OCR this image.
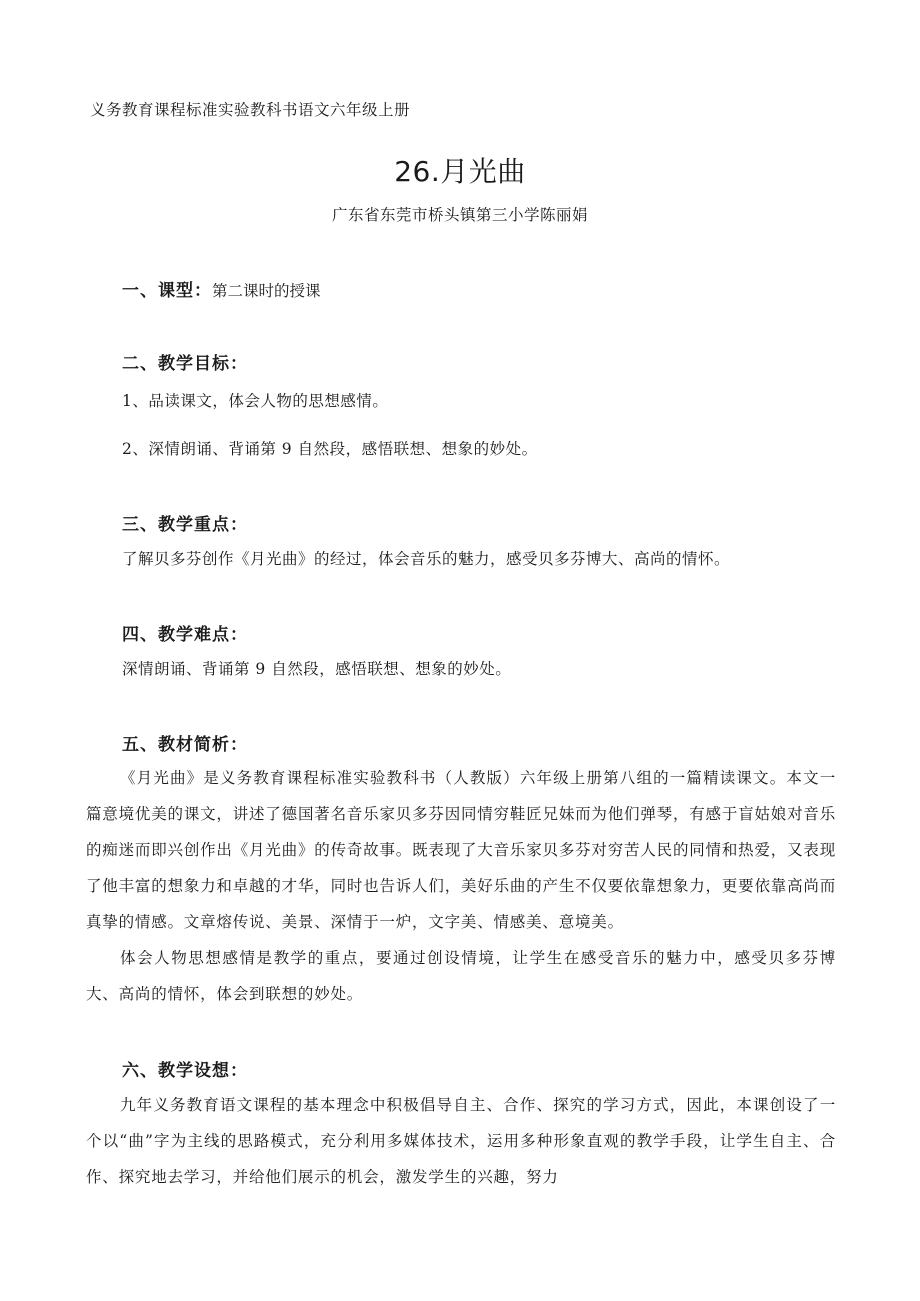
义务教育课程标准实验教科书语文六年级上册
26.月光曲
广东省东莞市桥头镇第三小学陈丽娟
一、课型：第二课时的授课
二、教学目标：
1、品读课文，体会人物的思想感情。
2、深情朗诵、背诵第 9 自然段，感悟联想、想象的妙处。
三、教学重点：
了解贝多芬创作《月光曲》的经过，体会音乐的魅力，感受贝多芬博大、高尚的情怀。
四、教学难点：
深情朗诵、背诵第 9 自然段，感悟联想、想象的妙处。
五、教材简析：
《月光曲》是义务教育课程标准实验教科书（人教版）六年级上册第八组的一篇精读课文。本文一篇意境优美的课文，讲述了德国著名音乐家贝多芬因同情穷鞋匠兄妹而为他们弹琴，有感于盲姑娘对音乐的痴迷而即兴创作出《月光曲》的传奇故事。既表现了大音乐家贝多芬对穷苦人民的同情和热爱，又表现了他丰富的想象力和卓越的才华，同时也告诉人们，美好乐曲的产生不仅要依靠想象力，更要依靠高尚而真挚的情感。文章熔传说、美景、深情于一炉，文字美、情感美、意境美。
体会人物思想感情是教学的重点，要通过创设情境，让学生在感受音乐的魅力中，感受贝多芬博大、高尚的情怀，体会到联想的妙处。
六、教学设想：
九年义务教育语文课程的基本理念中积极倡导自主、合作、探究的学习方式，因此，本课创设了一个以“曲”字为主线的思路模式，充分利用多媒体技术，运用多种形象直观的教学手段，让学生自主、合作、探究地去学习，并给他们展示的机会，激发学生的兴趣，努力
